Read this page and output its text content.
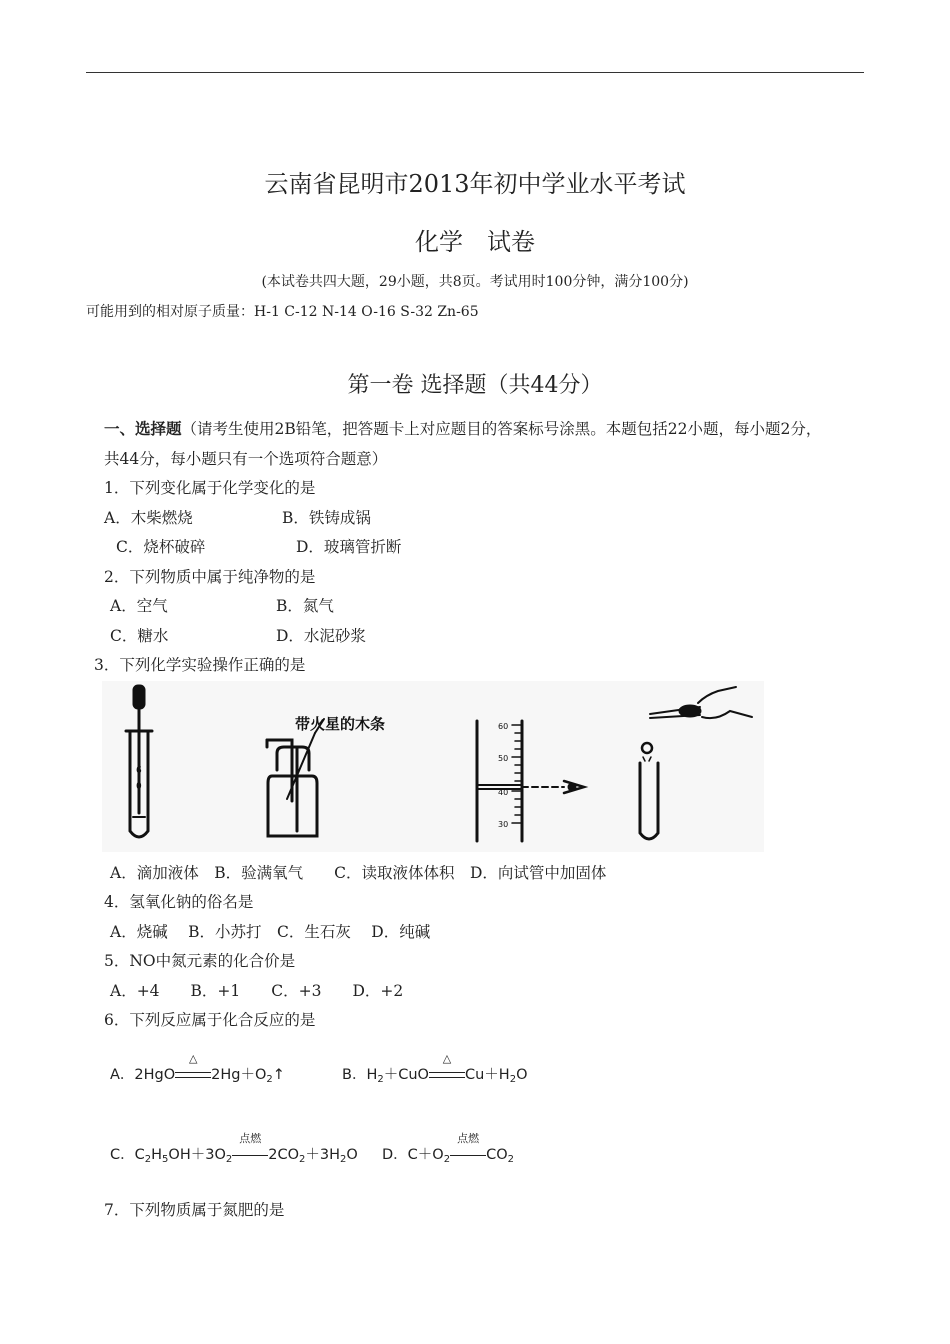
云南省昆明市2013年初中学业水平考试
化学　试卷
(本试卷共四大题，29小题，共8页。考试用时100分钟，满分100分)
可能用到的相对原子质量：H-1 C-12 N-14 O-16 S-32 Zn-65
第一卷 选择题（共44分）
一、选择题（请考生使用2B铅笔，把答题卡上对应题目的答案标号涂黑。本题包括22小题，每小题2分，
共44分，每小题只有一个选项符合题意）
1．下列变化属于化学变化的是
A．木柴燃烧	B．铁铸成锅
C．烧杯破碎	D．玻璃管折断
2．下列物质中属于纯净物的是
A．空气	B．氮气
C．糖水	D．水泥砂浆
3．下列化学实验操作正确的是
6
0
带火星的木条	60
50
40
30
A．滴加液体　B．验满氧气　　C．读取液体体积　D．向试管中加固体
4．氢氧化钠的俗名是
A．烧碱　 B．小苏打　C．生石灰　 D．纯碱
5．NO中氮元素的化合价是
A．+4　　B．+1　　C．+3　　D．+2
6．下列反应属于化合反应的是
A．2HgO
△
$2Hg+O_2↑$	B．$H_2+CuO$
△
$Cu+H_2O$
C．$C_2H_5OH+3O_2$
点燃
$2CO_2+3H_2O$ D．$C+O_2$
点燃
$CO_2$
7．下列物质属于氮肥的是
